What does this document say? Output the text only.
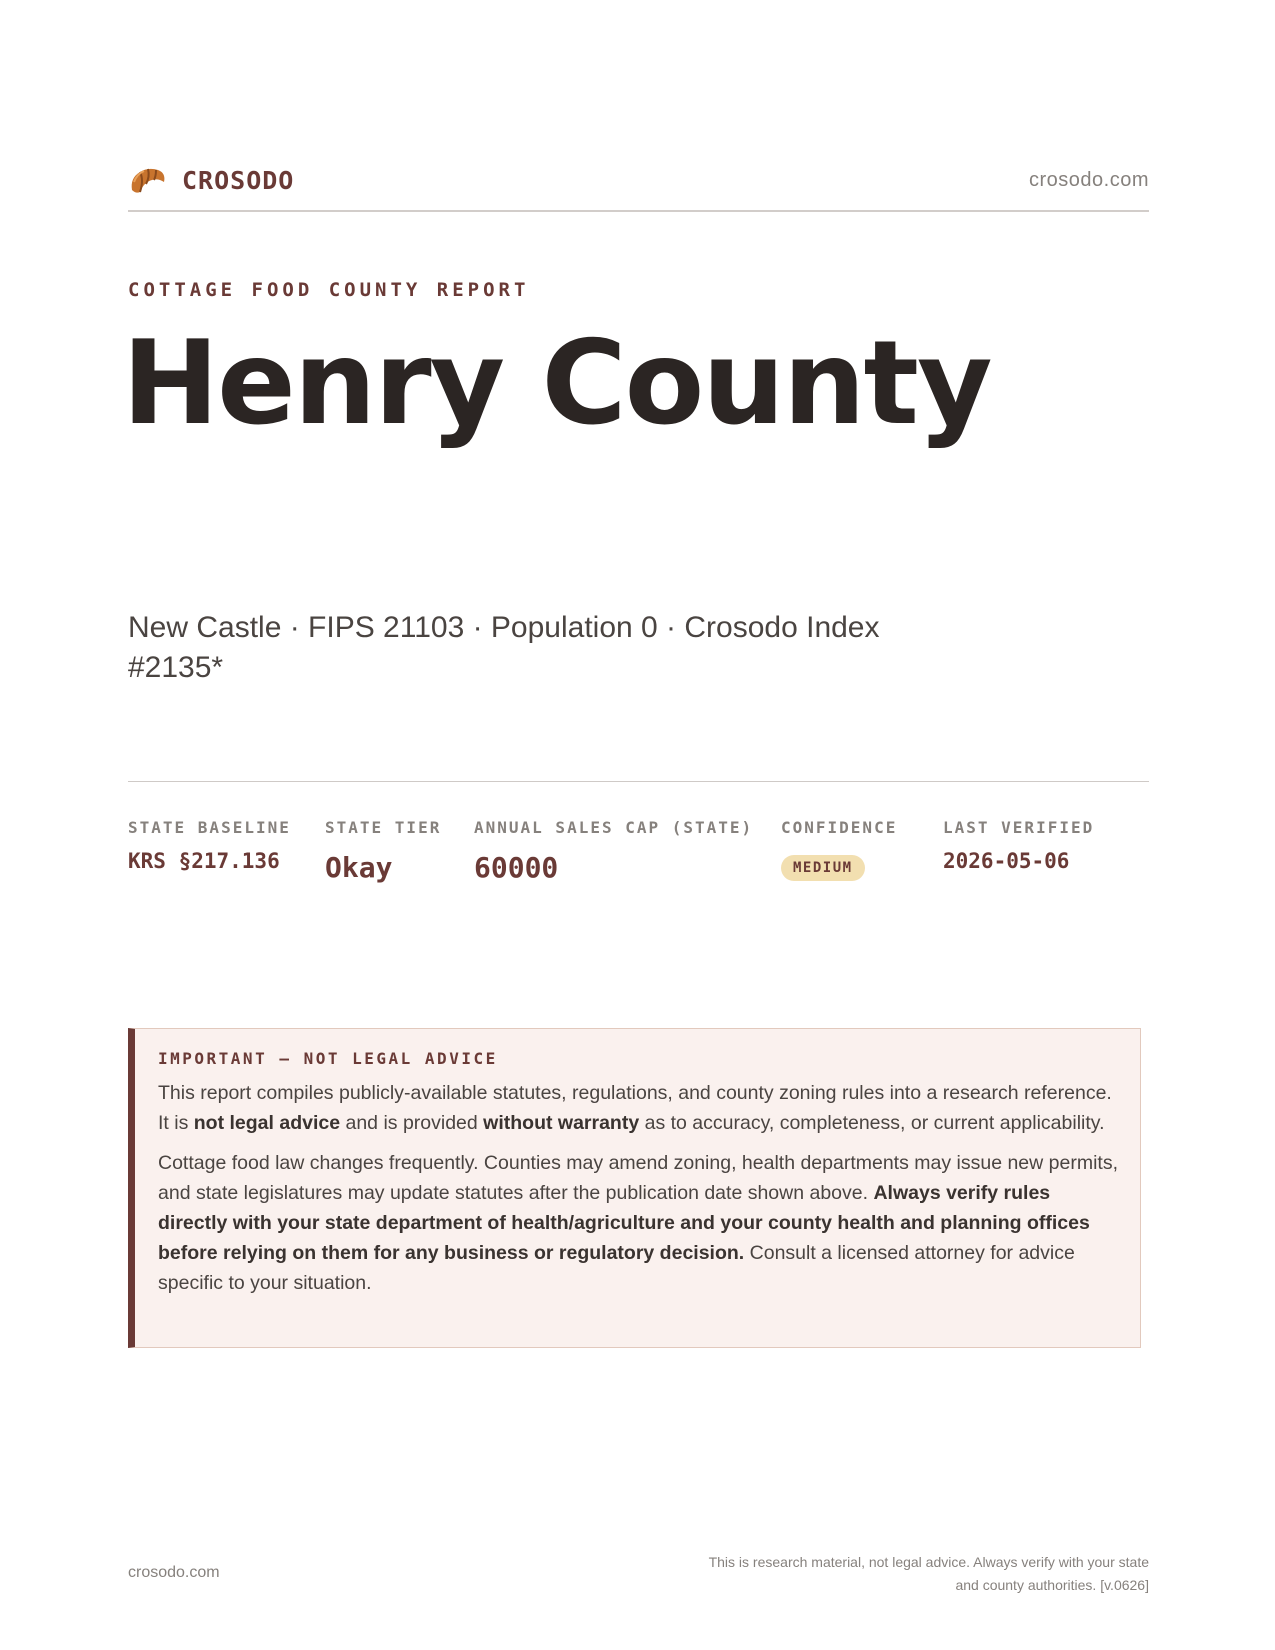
CROSODO	crosodo.com
COTTAGE FOOD COUNTY REPORT
Henry County
New Castle · FIPS 21103 · Population 0 · Crosodo Index #2135*
STATE BASELINE
KRS §217.136
STATE TIER
Okay
ANNUAL SALES CAP (STATE)
60000
CONFIDENCE
MEDIUM
LAST VERIFIED
2026-05-06
IMPORTANT — NOT LEGAL ADVICE

This report compiles publicly-available statutes, regulations, and county zoning rules into a research reference. It is not legal advice and is provided without warranty as to accuracy, completeness, or current applicability.

Cottage food law changes frequently. Counties may amend zoning, health departments may issue new permits, and state legislatures may update statutes after the publication date shown above. Always verify rules directly with your state department of health/agriculture and your county health and planning offices before relying on them for any business or regulatory decision. Consult a licensed attorney for advice specific to your situation.

crosodo.com
This is research material, not legal advice. Always verify with your state
and county authorities. [v.0626]
